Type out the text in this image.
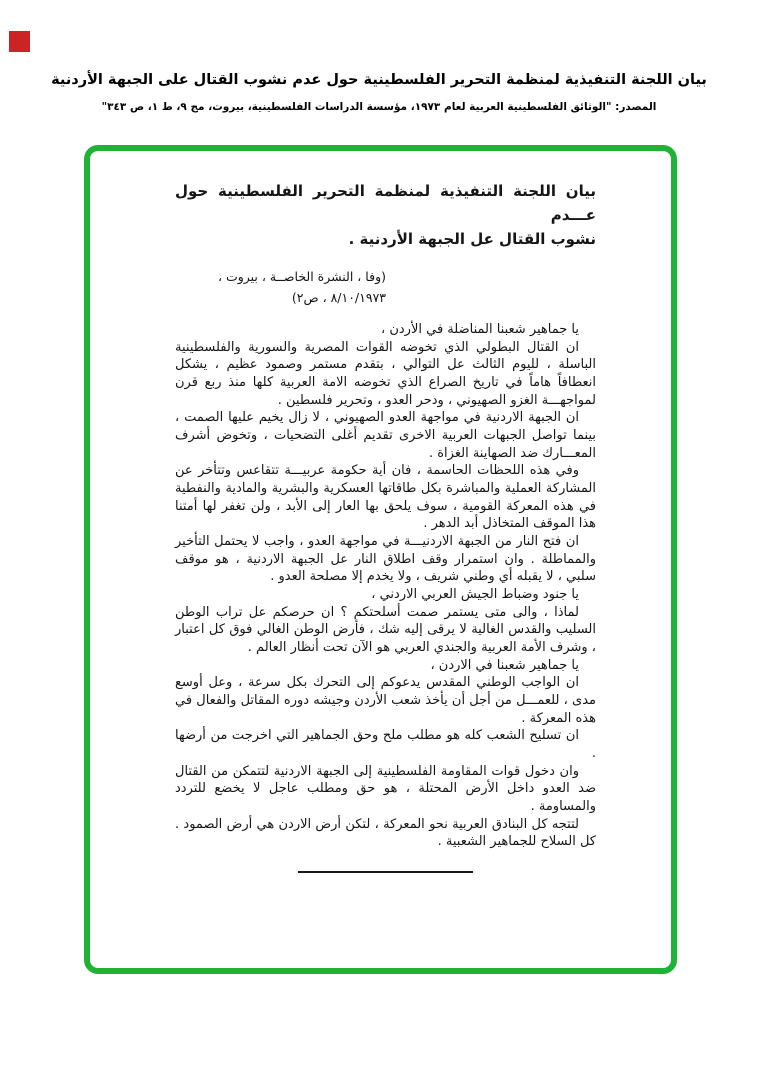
بيان اللجنة التنفيذية لمنظمة التحرير الفلسطينية حول عدم نشوب القتال على الجبهة الأردنية
المصدر: "الوثائق الفلسطينية العربية لعام ١٩٧٣، مؤسسة الدراسات الفلسطينية، بيروت، مج ٩، ط ١، ص ٣٤٣"
بيان اللجنة التنفيذية لمنظمة التحرير الفلسطينية حول عـــدم
نشوب القتال عل الجبهة الأردنية .
(وفا ، النشرة الخاصــة ، بيروت ،
٨/١٠/١٩٧٣ ، ص٢)

يا جماهير شعبنا المناضلة في الأردن ،

ان القتال البطولي الذي تخوضه القوات المصرية والسورية والفلسطينية الباسلة ، لليوم الثالث عل التوالي ، بتقدم مستمر وصمود عظيم ، يشكل انعطافاً هاماً في تاريخ الصراع الذي تخوضه الامة العربية كلها منذ ربع قرن لمواجهـــة الغزو الصهيوني ، ودحر العدو ، وتحرير فلسطين .

ان الجبهة الاردنية في مواجهة العدو الصهيوني ، لا زال يخيم عليها الصمت ، بينما تواصل الجبهات العربية الاخرى تقديم أغلى التضحيات ، وتخوض أشرف المعـــارك ضد الصهاينة الغزاة .

وفي هذه اللحظات الحاسمة ، فان أية حكومة عربيـــة تتقاعس وتتأخر عن المشاركة العملية والمباشرة بكل طاقاتها العسكرية والبشرية والمادية والنفطية في هذه المعركة القومية ، سوف يلحق بها العار إلى الأبد ، ولن تغفر لها أمتنا هذا الموقف المتخاذل أبد الدهر .

ان فتح النار من الجبهة الاردنيـــة في مواجهة العدو ، واجب لا يحتمل التأخير والمماطلة . وان استمرار وقف اطلاق النار عل الجبهة الاردنية ، هو موقف سلبي ، لا يقبله أي وطني شريف ، ولا يخدم إلا مصلحة العدو .

يا جنود وضباط الجيش العربي الاردني ،

لماذا ، والى متى يستمر صمت أسلحتكم ؟ ان حرصكم عل تراب الوطن السليب والقدس الغالية لا يرقى إليه شك ، فأرض الوطن الغالي فوق كل اعتبار ، وشرف الأمة العربية والجندي العربي هو الآن تحت أنظار العالم .

يا جماهير شعبنا في الاردن ،

ان الواجب الوطني المقدس يدعوكم إلى التحرك بكل سرعة ، وعل أوسع مدى ، للعمـــل من أجل أن يأخذ شعب الأردن وجيشه دوره المقاتل والفعال في هذه المعركة .

ان تسليح الشعب كله هو مطلب ملح وحق الجماهير التي اخرجت من أرضها .

وان دخول قوات المقاومة الفلسطينية إلى الجبهة الاردنية لتتمكن من القتال ضد العدو داخل الأرض المحتلة ، هو حق ومطلب عاجل لا يخضع للتردد والمساومة .

لتتجه كل البنادق العربية نحو المعركة ، لتكن أرض الاردن هي أرض الصمود . كل السلاح للجماهير الشعبية .
